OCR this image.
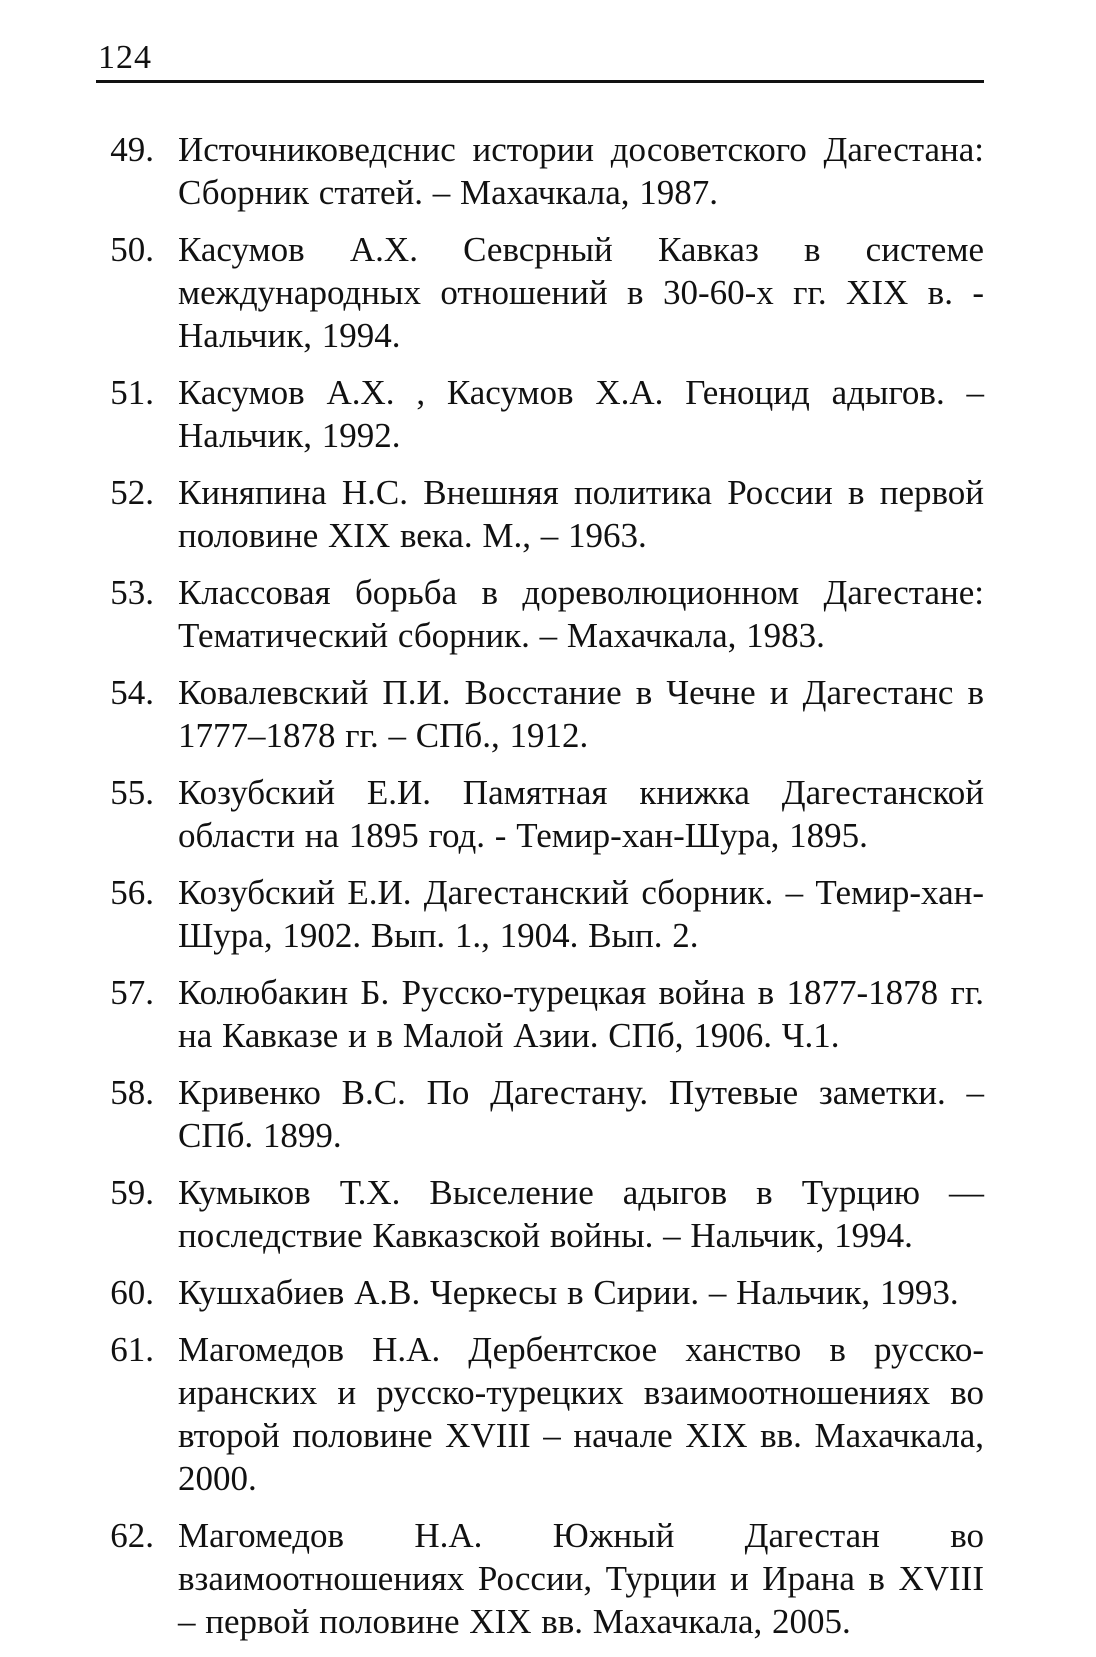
124
49. Источниковедснис истории досоветского Дагестана: Сборник статей. – Махачкала, 1987.
50. Касумов А.Х. Севсрный Кавказ в системе международных отношений в 30-60-х гг. XIX в. - Нальчик, 1994.
51. Касумов А.Х. , Касумов Х.А. Геноцид адыгов. – Нальчик, 1992.
52. Киняпина Н.С. Внешняя политика России в первой половине XIX века. М., – 1963.
53. Классовая борьба в дореволюционном Дагестане: Тематический сборник. – Махачкала, 1983.
54. Ковалевский П.И. Восстание в Чечне и Дагестанс в 1777–1878 гг. – СПб., 1912.
55. Козубский Е.И. Памятная книжка Дагестанской области на 1895 год. - Темир-хан-Шура, 1895.
56. Козубский Е.И. Дагестанский сборник. – Темир-хан-Шура, 1902. Вып. 1., 1904. Вып. 2.
57. Колюбакин Б. Русско-турецкая война в 1877-1878 гг. на Кавказе и в Малой Азии. СПб, 1906. Ч.1.
58. Кривенко В.С. По Дагестану. Путевые заметки. – СПб. 1899.
59. Кумыков Т.Х. Выселение адыгов в Турцию — последствие Кавказской войны. – Нальчик, 1994.
60. Кушхабиев А.В. Черкесы в Сирии. – Нальчик, 1993.
61. Магомедов Н.А. Дербентское ханство в русско-иранских и русско-турецких взаимоотношениях во второй половине XVIII – начале XIX вв. Махачкала, 2000.
62. Магомедов Н.А. Южный Дагестан во взаимоотношениях России, Турции и Ирана в XVIII – первой половине XIX вв. Махачкала, 2005.
